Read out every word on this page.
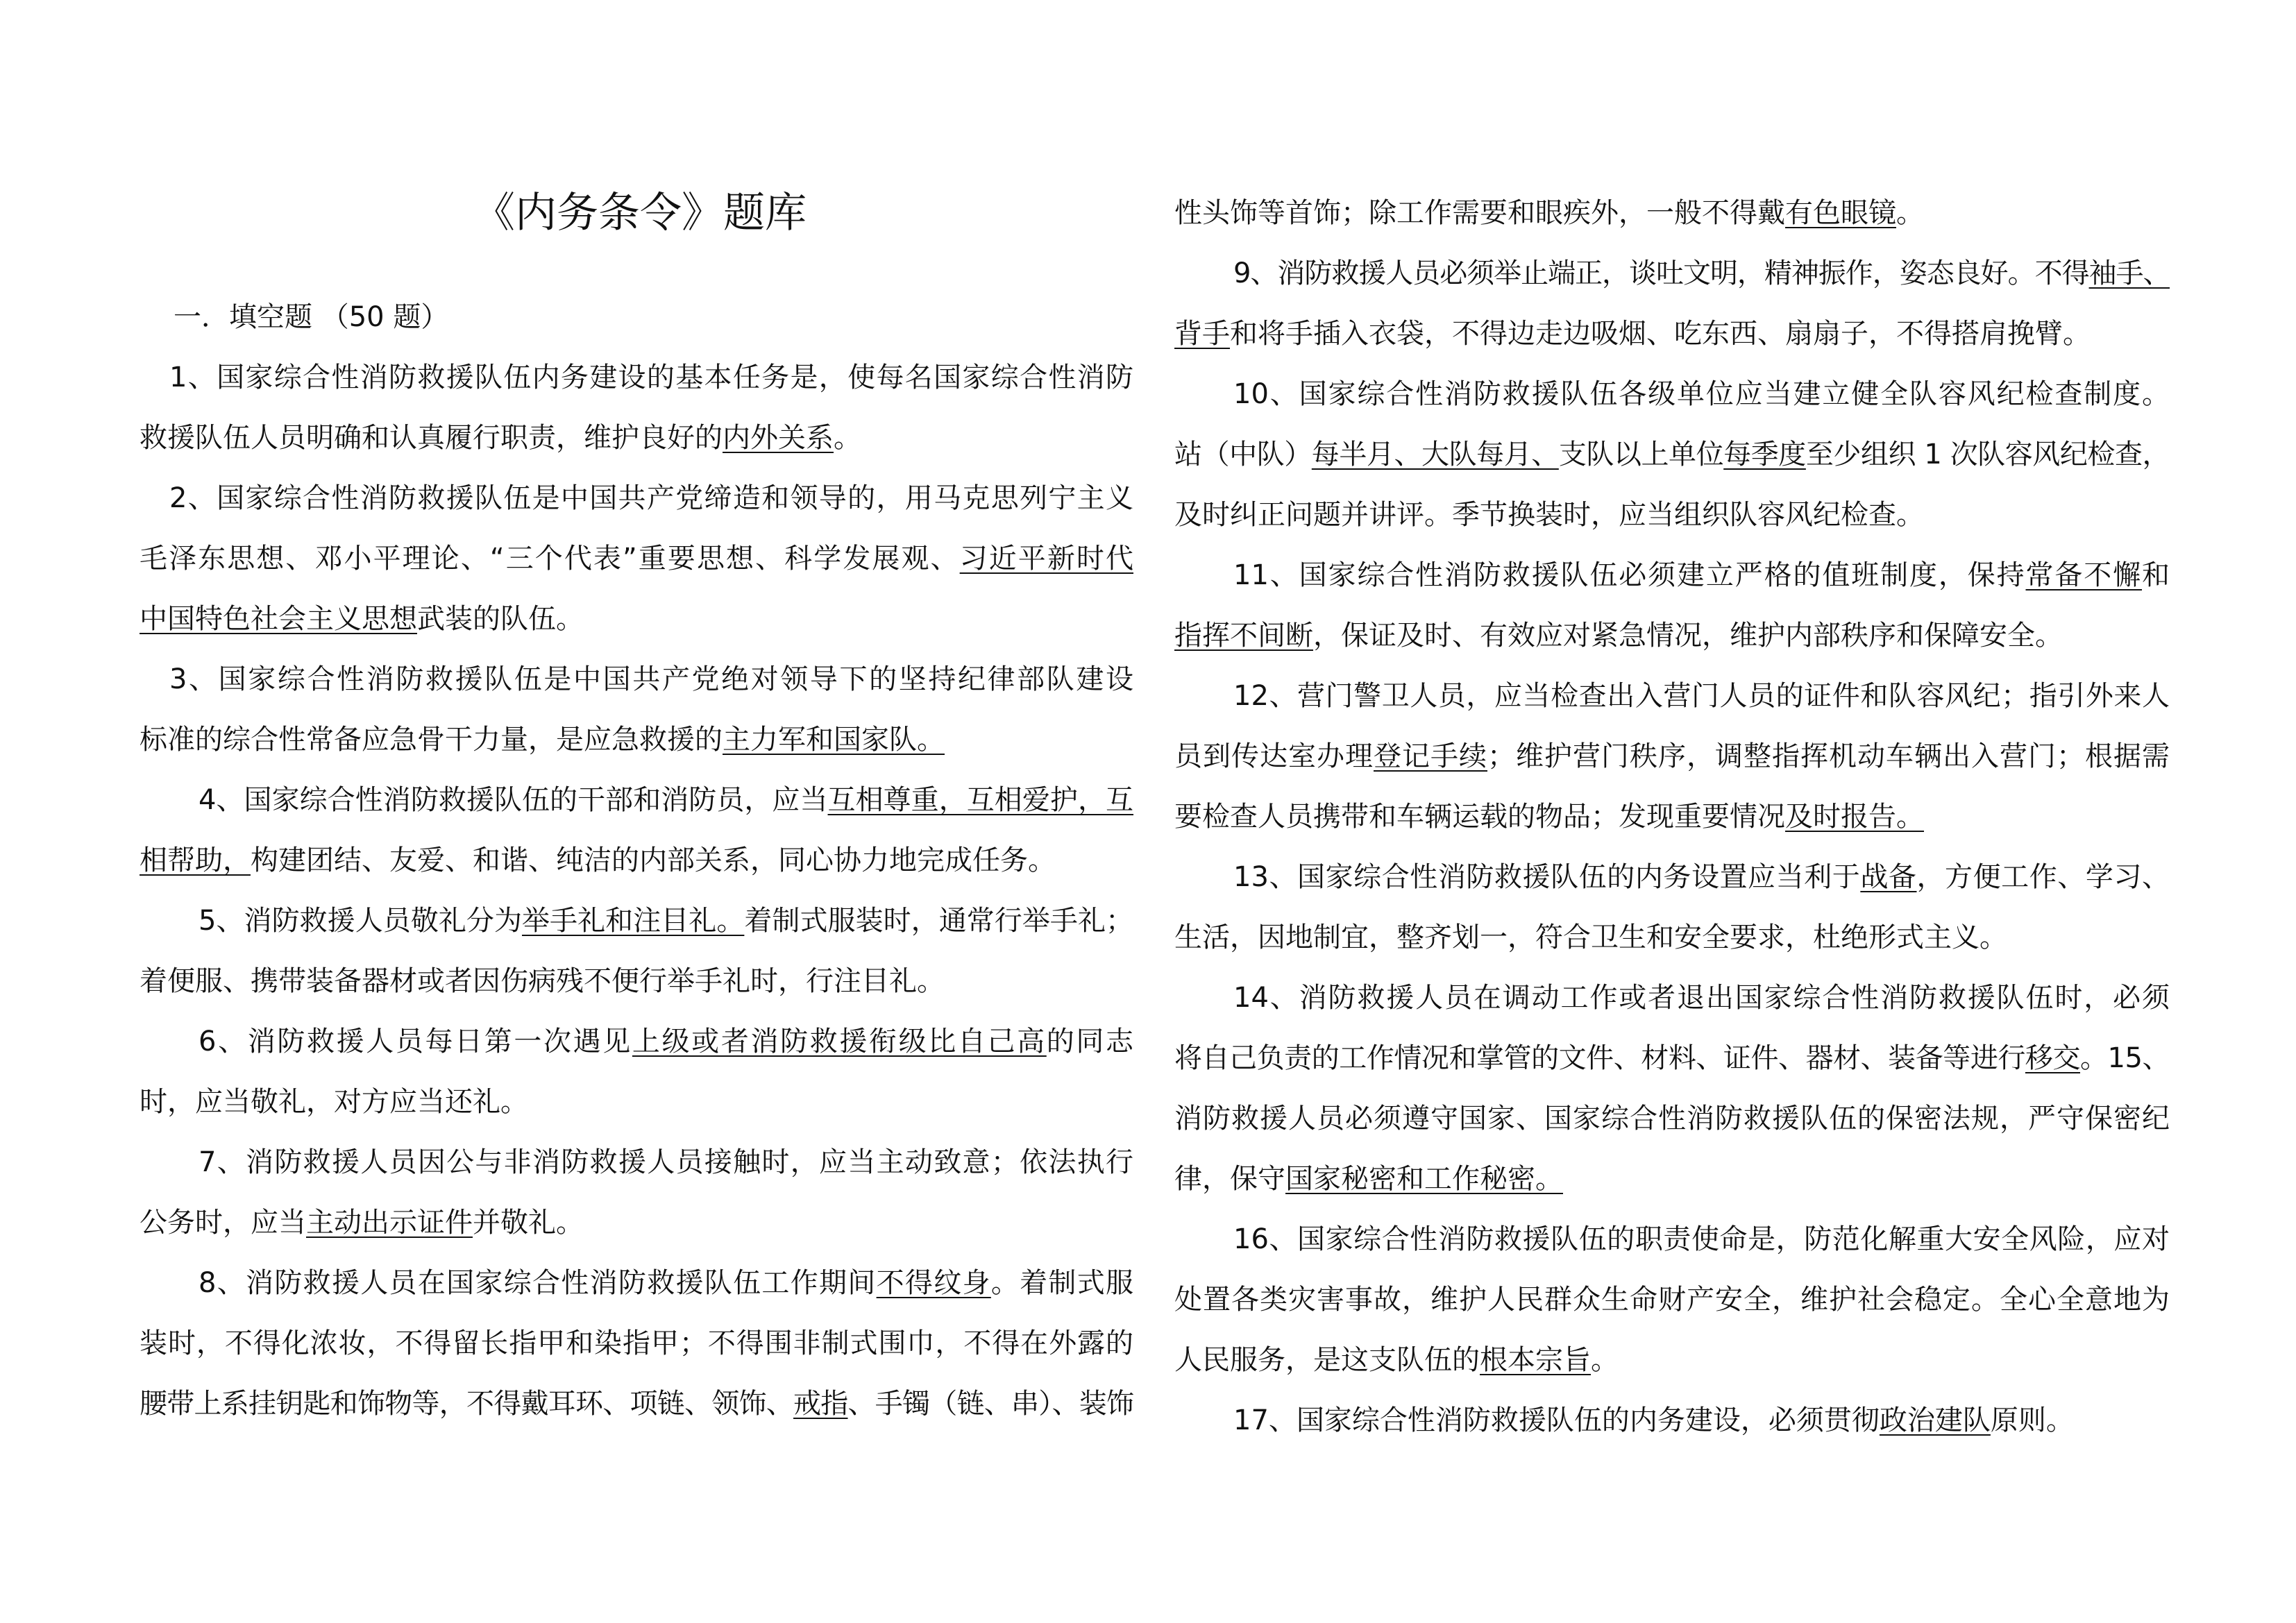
《内务条令》题库
一．填空题 （50 题）
1、国家综合性消防救援队伍内务建设的基本任务是，使每名国家综合性消防
救援队伍人员明确和认真履行职责，维护良好的内外关系。
2、国家综合性消防救援队伍是中国共产党缔造和领导的，用马克思列宁主义
毛泽东思想、邓小平理论、“三个代表”重要思想、科学发展观、习近平新时代
中国特色社会主义思想武装的队伍。
3、国家综合性消防救援队伍是中国共产党绝对领导下的坚持纪律部队建设
标准的综合性常备应急骨干力量，是应急救援的主力军和国家队。
4、国家综合性消防救援队伍的干部和消防员，应当互相尊重，互相爱护，互
相帮助，构建团结、友爱、和谐、纯洁的内部关系，同心协力地完成任务。
5、消防救援人员敬礼分为举手礼和注目礼。着制式服装时，通常行举手礼；
着便服、携带装备器材或者因伤病残不便行举手礼时，行注目礼。
6、消防救援人员每日第一次遇见上级或者消防救援衔级比自己高的同志
时，应当敬礼，对方应当还礼。
7、消防救援人员因公与非消防救援人员接触时，应当主动致意；依法执行
公务时，应当主动出示证件并敬礼。
8、消防救援人员在国家综合性消防救援队伍工作期间不得纹身。着制式服
装时，不得化浓妆，不得留长指甲和染指甲；不得围非制式围巾，不得在外露的
腰带上系挂钥匙和饰物等，不得戴耳环、项链、领饰、戒指、手镯（链、串）、装饰
性头饰等首饰；除工作需要和眼疾外，一般不得戴有色眼镜。
9、消防救援人员必须举止端正，谈吐文明，精神振作，姿态良好。不得袖手、
背手和将手插入衣袋，不得边走边吸烟、吃东西、扇扇子，不得搭肩挽臂。
10、国家综合性消防救援队伍各级单位应当建立健全队容风纪检查制度。
站（中队）每半月、大队每月、支队以上单位每季度至少组织 1 次队容风纪检查，
及时纠正问题并讲评。季节换装时，应当组织队容风纪检查。
11、国家综合性消防救援队伍必须建立严格的值班制度，保持常备不懈和
指挥不间断，保证及时、有效应对紧急情况，维护内部秩序和保障安全。
12、营门警卫人员，应当检查出入营门人员的证件和队容风纪；指引外来人
员到传达室办理登记手续；维护营门秩序，调整指挥机动车辆出入营门；根据需
要检查人员携带和车辆运载的物品；发现重要情况及时报告。
13、国家综合性消防救援队伍的内务设置应当利于战备，方便工作、学习、
生活，因地制宜，整齐划一，符合卫生和安全要求，杜绝形式主义。
14、消防救援人员在调动工作或者退出国家综合性消防救援队伍时，必须
将自己负责的工作情况和掌管的文件、材料、证件、器材、装备等进行移交。15、
消防救援人员必须遵守国家、国家综合性消防救援队伍的保密法规，严守保密纪
律，保守国家秘密和工作秘密。
16、国家综合性消防救援队伍的职责使命是，防范化解重大安全风险，应对
处置各类灾害事故，维护人民群众生命财产安全，维护社会稳定。全心全意地为
人民服务，是这支队伍的根本宗旨。
17、国家综合性消防救援队伍的内务建设，必须贯彻政治建队原则。
